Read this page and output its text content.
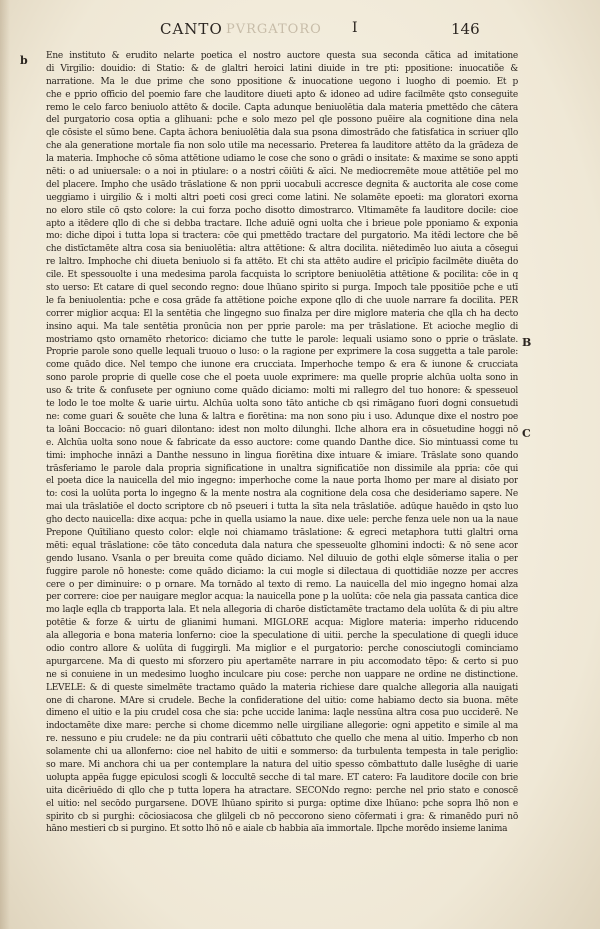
CANTO PVRGATORO I	146
b Ene instituto & erudito nelarte poetica el nostro auctore questa sua seconda cãtica ad imitatione
di Virgilio: douidio: di Statio: & de glaltri heroici latini diuide in tre pti: ppositione: inuocatiõe &
narratione. Ma le due prime che sono ppositione & inuocatione uegono i luogho di poemio. Et p
che e pprio officio del poemio fare che lauditore diueti apto & idoneo ad udire facilmēte qsto conseguite
remo le celo farco beniuolo attēto & docile. Capta adunque beniuolētia dala materia pmettēdo che cātera
del purgatorio cosa optia a glihuani: pche e solo mezo pel qle possono puēire ala cognitione dina nela
qle cōsiste el sūmo bene. Capta āchora beniuolētia dala sua psona dimostrādo che fatisfatica in scriuer qllo
che ala generatione mortale fia non solo utile ma necessario. Preterea fa lauditore attēto da la grādeza de
la materia. Imphoche cō sōma attētione udiamo le cose che sono o grādi o insitate: & maxime se sono appti
nēti: o ad uniuersale: o a noi in ptiulare: o a nostri cōiūti & aīci. Ne mediocremēte moue attētiōe pel mo
del placere. Impho che usādo trāslatione & non pprii uocabuli accresce degnita & auctorita ale cose come
ueggiamo i uirgilio & i molti altri poeti cosi greci come latini. Ne solamēte epoeti: ma gloratori exorna
no eloro stile cō qsto colore: la cui forza pocho disotto dimostrarco. Vltimamēte fa lauditore docile: cioe
apto a itēdere qllo di che si debba tractare. Ilche aduiē ogni uolta che i brieue pole pponiamo & exponia
mo: diche dipoi i tutta lopa si tractera: cōe qui pmettēdo tractare del purgatorio. Ma itēdi lectore che bē
che distīctamēte altra cosa sia beniuolētia: altra attētione: & altra docilita. niētedimēo luo aiuta a cōsegui
re laltro. Imphoche chi diueta beniuolo si fa attēto. Et chi sta attēto audire el pricīpio facilmēte diuēta do
cile. Et spessouolte i una medesima parola facquista lo scriptore beniuolētia attētione & pocilita: cōe in q
sto uerso: Et catare di quel secondo regno: doue lhūano spirito si purga. Impoch tale ppositiōe pche e utī
le fa beniuolentia: pche e cosa grāde fa attētione poiche expone qllo di che uuole narrare fa docilita. PER
correr miglior acqua: El la sentētia che lingegno suo finalza per dire miglore materia che qlla ch ha decto
insino aqui. Ma tale sentētia pronūcia non per pprie parole: ma per trāslatione. Et acioche meglio di
mostriamo qsto ornamēto rhetorico: diciamo che tutte le parole: lequali usiamo sono o pprie o trāslate.
Proprie parole sono quelle lequali truouo o luso: o la ragione per exprimere la cosa suggetta a tale parole:
come quādo dice. Nel tempo che iunone era crucciata. Imperhoche tempo & era & iunone & crucciata
sono parole proprie di quelle cose che el poeta uuole exprimere: ma quelle proprie alchūa uolta sono in
uso & trite & confusete per ogniuno come quādo diciamo: molti mi rallegro del tuo honore: & spesseuol
te lodo le toe molte & uarie uirtu. Alchūa uolta sono tāto antiche cb qsi rimāgano fuori dogni consuetudi
ne: come guari & souēte che luna & laltra e fiorētina: ma non sono piu i uso. Adunque dixe el nostro poe
ta loāni Boccacio: nō guari dilontano: idest non molto dilunghi. Ilche alhora era in cōsuetudine hoggi nō
e. Alchūa uolta sono noue & fabricate da esso auctore: come quando Danthe dice. Sio mintuassi come tu
timi: imphoche innāzi a Danthe nessuno in lingua fiorētina dixe intuare & imiare. Trāslate sono quando
trāsferiamo le parole dala propria significatione in unaltra significatiōe non dissimile ala ppria: cōe qui
el poeta dice la nauicella del mio ingegno: imperhoche come la naue porta lhomo per mare al disiato por
to: cosi la uolūta porta lo ingegno & la mente nostra ala cognitione dela cosa che desideriamo sapere. Ne
mai ula trāslatiōe el docto scriptore cb nō pseueri i tutta la sīta nela trāslatiōe. adūque hauēdo in qsto luo
gho decto nauicella: dixe acqua: pche in quella usiamo la naue. dixe uele: perche fenza uele non ua la naue
Prepone Quītiliano questo color: elqle noi chiamamo trāslatione: & egreci metaphora tutti glaltri orna
mēti: equal trāslatione: cōe tāto conceduta dala natura che spesseuolte glhomini indocti: & nō sene acor
gendo lusano. Vsanla o per breuita come quādo diciamo. Nel diluuio de gothi elqle sōmerse italia o per
fuggire parole nō honeste: come quādo diciamo: la cui mogle si dilectaua di quottidiāe nozze per accres
cere o per diminuire: o p ornare. Ma tornādo al texto di remo. La nauicella del mio ingegno homai alza
per correre: cioe per nauigare meglor acqua: la nauicella pone p la uolūta: cōe nela gia passata cantica dice
mo laqle eqlla cb trapporta lala. Et nela allegoria di charōe distīctamēte tractamo dela uolūta & di piu altre
potētie & forze & uirtu de glianimi humani. MIGLORE acqua: Miglore materia: imperho riducendo
ala allegoria e bona materia lonferno: cioe la speculatione di uitii. perche la speculatione di quegli iduce
odio contro allore & uolūta di fuggirgli. Ma miglior e el purgatorio: perche conosciutogli cominciamo
apurgarcene. Ma di questo mi sforzero piu apertamēte narrare in piu accomodato tēpo: & certo si puo
ne si conuiene in un medesimo luogho inculcare piu cose: perche non uappare ne ordine ne distinctione.
LEVELE: & di queste simelmēte tractamo quādo la materia richiese dare qualche allegoria alla nauigati
one di charone. MAre si crudele. Beche la confideratione del uitio: come habiamo decto sia buona. mēte
dimeno el uitio e la piu crudel cosa che sia: pche uccide lanima: laqle nessūna altra cosa puo ucciderē. Ne
indoctamēte dixe mare: perche si chome dicemmo nelle uirgiliane allegorie: ogni appetito e simile al ma
re. nessuno e piu crudele: ne da piu contrarii uēti cōbattuto che quello che mena al uitio. Imperho cb non
solamente chi ua allonferno: cioe nel habito de uitii e sommerso: da turbulenta tempesta in tale periglio:
so mare. Mi anchora chi ua per contemplare la natura del uitio spesso cōmbattuto dalle lusēghe di uarie
uolupta appēa fugge epiculosi scogli & loccultē secche di tal mare. ET catero: Fa lauditore docile con brie
uita dicēriuēdo di qllo che p tutta lopera ha atractare. SECONdo regno: perche nel prio stato e conoscē
el uitio: nel secōdo purgarsene. DOVE lhūano spirito si purga: optime dixe lhūano: pche sopra lhō non e
spirito cb si purghi: cōciosiacosa che glilgeli cb nō peccorono sieno cōfermati i gra: & rimanēdo puri nō
hāno mestieri cb si purgino. Et sotto lhō nō e aiale cb habbia aīa immortale. Ilpche morēdo insieme lanima
B
C
